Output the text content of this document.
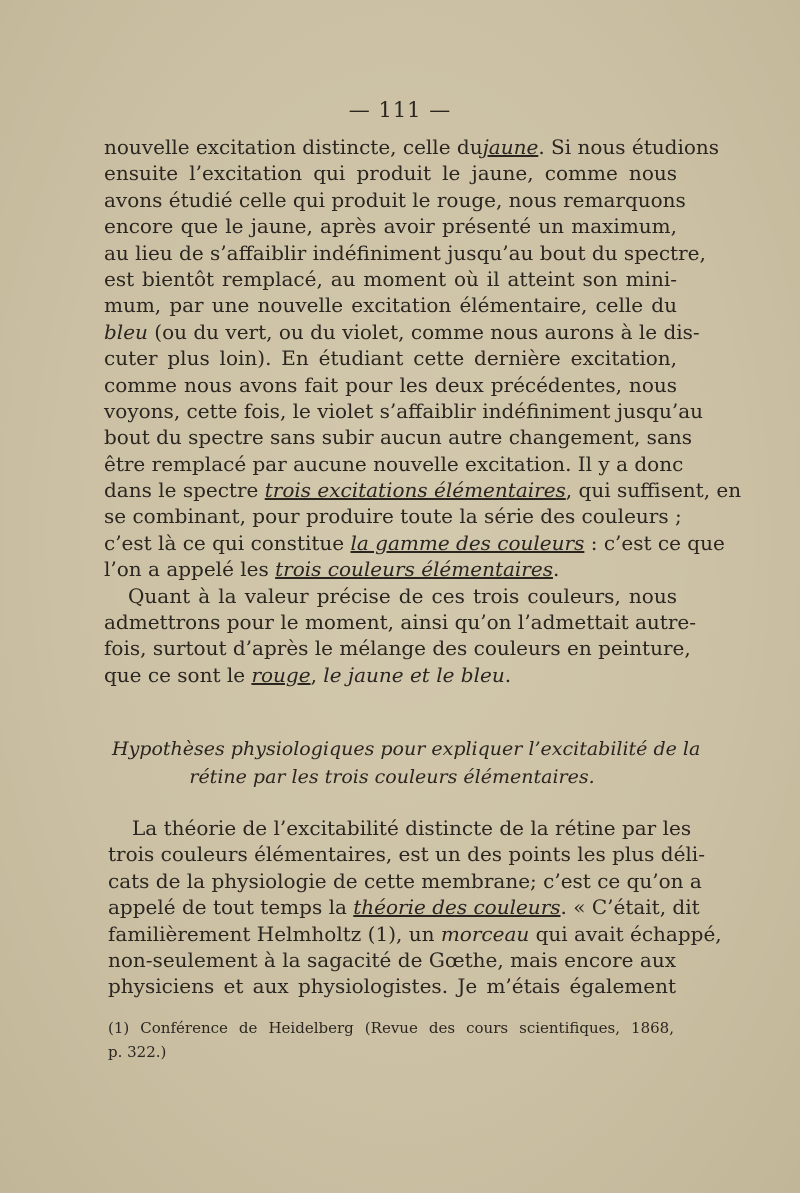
— 111 —
nouvelle excitation distincte, celle dujaune. Si nous étudions
ensuite l’excitation qui produit le jaune, comme nous
avons étudié celle qui produit le rouge, nous remarquons
encore que le jaune, après avoir présenté un maximum,
au lieu de s’affaiblir indéfiniment jusqu’au bout du spectre,
est bientôt remplacé, au moment où il atteint son mini-
mum, par une nouvelle excitation élémentaire, celle du
bleu (ou du vert, ou du violet, comme nous aurons à le dis-
cuter plus loin). En étudiant cette dernière excitation,
comme nous avons fait pour les deux précédentes, nous
voyons, cette fois, le violet s’affaiblir indéfiniment jusqu’au
bout du spectre sans subir aucun autre changement, sans
être remplacé par aucune nouvelle excitation. Il y a donc
dans le spectre trois excitations élémentaires, qui suffisent, en
se combinant, pour produire toute la série des couleurs ;
c’est là ce qui constitue la gamme des couleurs : c’est ce que
l’on a appelé les trois couleurs élémentaires.
Quant à la valeur précise de ces trois couleurs, nous
admettrons pour le moment, ainsi qu’on l’admettait autre-
fois, surtout d’après le mélange des couleurs en peinture,
que ce sont le rouge, le jaune et le bleu.
Hypothèses physiologiques pour expliquer l’excitabilité de la
rétine par les trois couleurs élémentaires.
La théorie de l’excitabilité distincte de la rétine par les
trois couleurs élémentaires, est un des points les plus déli-
cats de la physiologie de cette membrane; c’est ce qu’on a
appelé de tout temps la théorie des couleurs. « C’était, dit
familièrement Helmholtz (1), un morceau qui avait échappé,
non-seulement à la sagacité de Gœthe, mais encore aux
physiciens et aux physiologistes. Je m’étais également
(1) Conférence de Heidelberg (Revue des cours scientifiques, 1868,
p. 322.)
